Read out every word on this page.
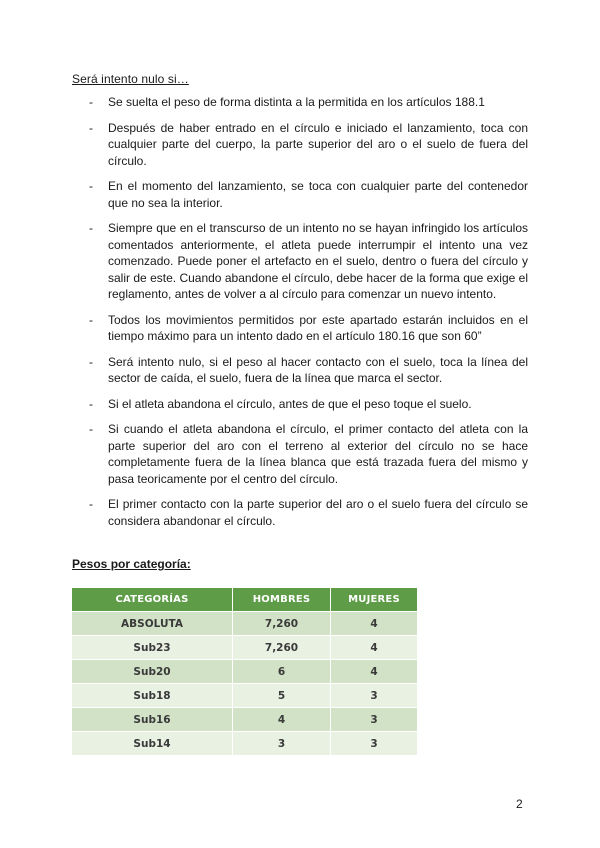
Será intento nulo si…
- Se suelta el peso de forma distinta a la permitida en los artículos 188.1
- Después de haber entrado en el círculo e iniciado el lanzamiento, toca con cualquier parte del cuerpo, la parte superior del aro o el suelo de fuera del círculo.
- En el momento del lanzamiento, se toca con cualquier parte del contenedor que no sea la interior.
- Siempre que en el transcurso de un intento no se hayan infringido los artículos comentados anteriormente, el atleta puede interrumpir el intento una vez comenzado. Puede poner el artefacto en el suelo, dentro o fuera del círculo y salir de este. Cuando abandone el círculo, debe hacer de la forma que exige el reglamento, antes de volver a al círculo para comenzar un nuevo intento.
- Todos los movimientos permitidos por este apartado estarán incluidos en el tiempo máximo para un intento dado en el artículo 180.16 que son 60”
- Será intento nulo, si el peso al hacer contacto con el suelo, toca la línea del sector de caída, el suelo, fuera de la línea que marca el sector.
- Si el atleta abandona el círculo, antes de que el peso toque el suelo.
- Si cuando el atleta abandona el círculo, el primer contacto del atleta con la parte superior del aro con el terreno al exterior del círculo no se hace completamente fuera de la línea blanca que está trazada fuera del mismo y pasa teoricamente por el centro del círculo.
- El primer contacto con la parte superior del aro o el suelo fuera del círculo se considera abandonar el círculo.
Pesos por categoría:
CATEGORÍAS	HOMBRES	MUJERES
ABSOLUTA	7,260	4
Sub23	7,260	4
Sub20	6	4
Sub18	5	3
Sub16	4	3
Sub14	3	3
2
